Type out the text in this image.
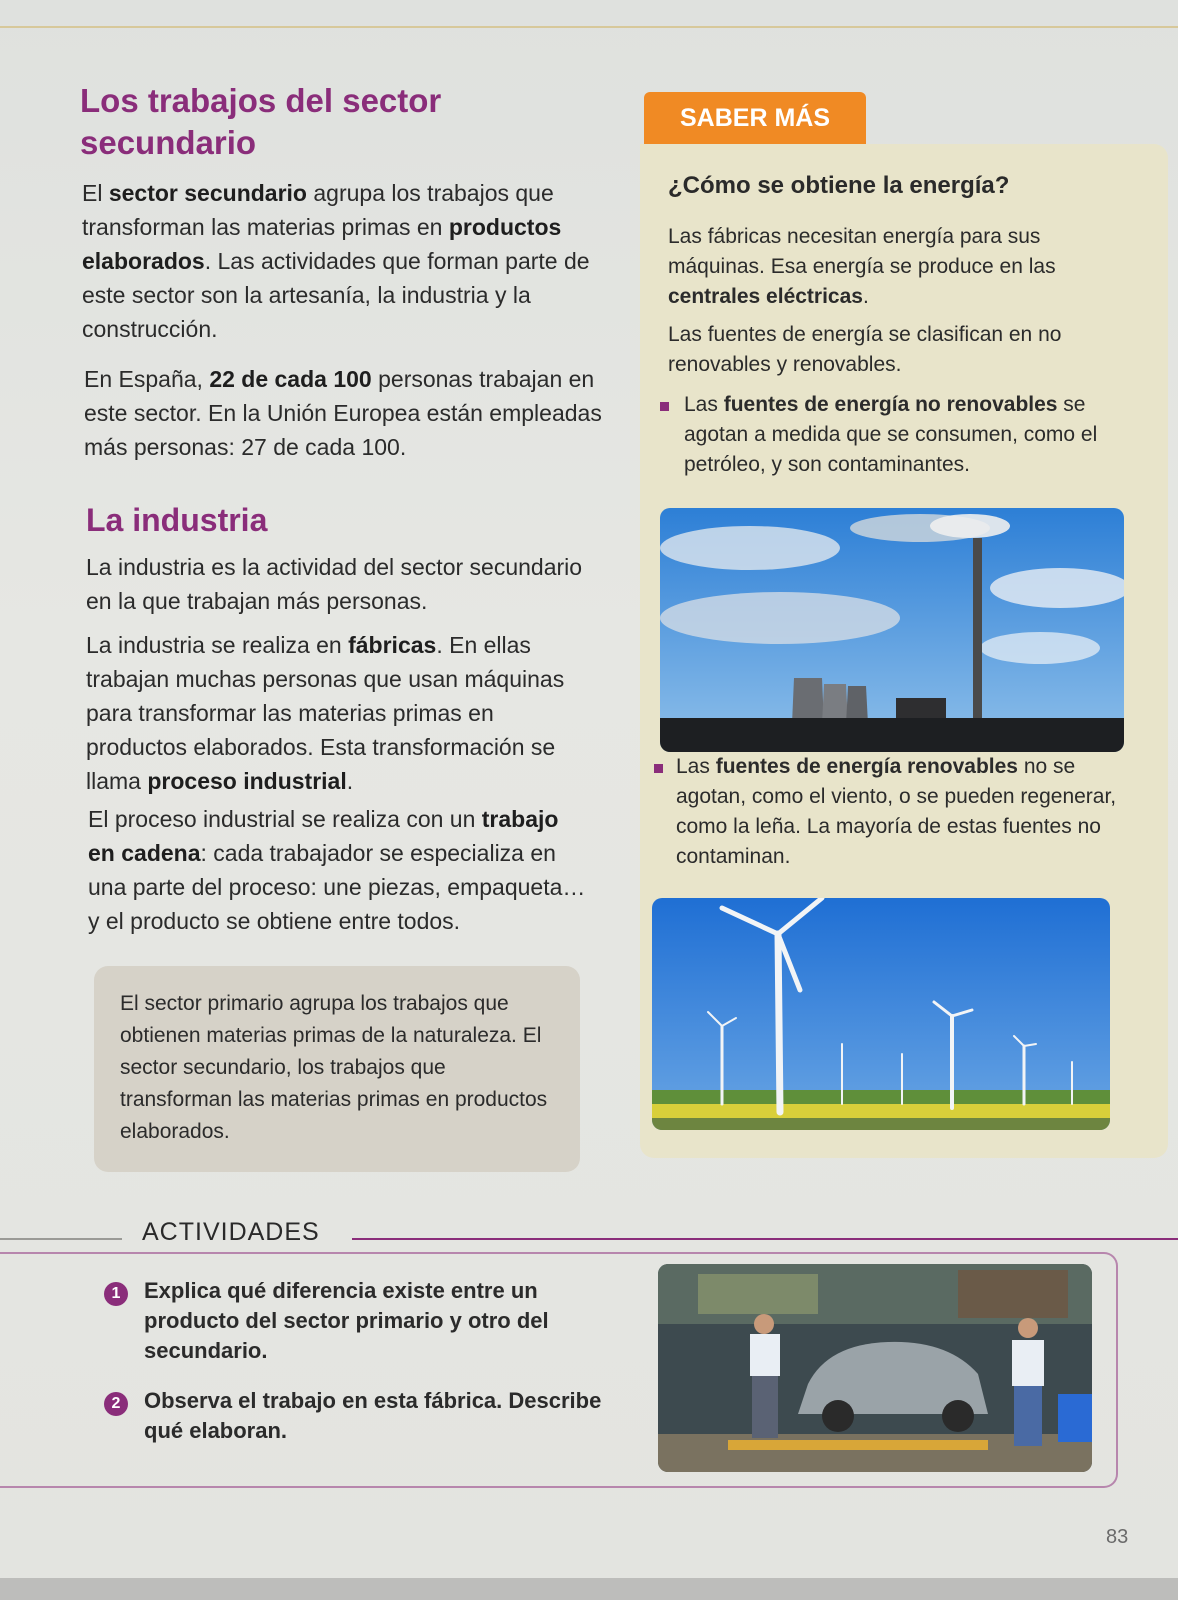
Los trabajos del sector secundario

El sector secundario agrupa los trabajos que transforman las materias primas en productos elaborados. Las actividades que forman parte de este sector son la artesanía, la industria y la construcción.

En España, 22 de cada 100 personas trabajan en este sector. En la Unión Europea están empleadas más personas: 27 de cada 100.

La industria

La industria es la actividad del sector secundario en la que trabajan más personas.

La industria se realiza en fábricas. En ellas trabajan muchas personas que usan máquinas para transformar las materias primas en productos elaborados. Esta transformación se llama proceso industrial.

El proceso industrial se realiza con un trabajo en cadena: cada trabajador se especializa en una parte del proceso: une piezas, empaqueta… y el producto se obtiene entre todos.

El sector primario agrupa los trabajos que obtienen materias primas de la naturaleza. El sector secundario, los trabajos que transforman las materias primas en productos elaborados.

SABER MÁS

¿Cómo se obtiene la energía?

Las fábricas necesitan energía para sus máquinas. Esa energía se produce en las centrales eléctricas.

Las fuentes de energía se clasifican en no renovables y renovables.

Las fuentes de energía no renovables se agotan a medida que se consumen, como el petróleo, y son contaminantes.

Las fuentes de energía renovables no se agotan, como el viento, o se pueden regenerar, como la leña. La mayoría de estas fuentes no contaminan.

ACTIVIDADES
1	Explica qué diferencia existe entre un producto del sector primario y otro del secundario.

2	Observa el trabajo en esta fábrica. Describe qué elaboran.

83
